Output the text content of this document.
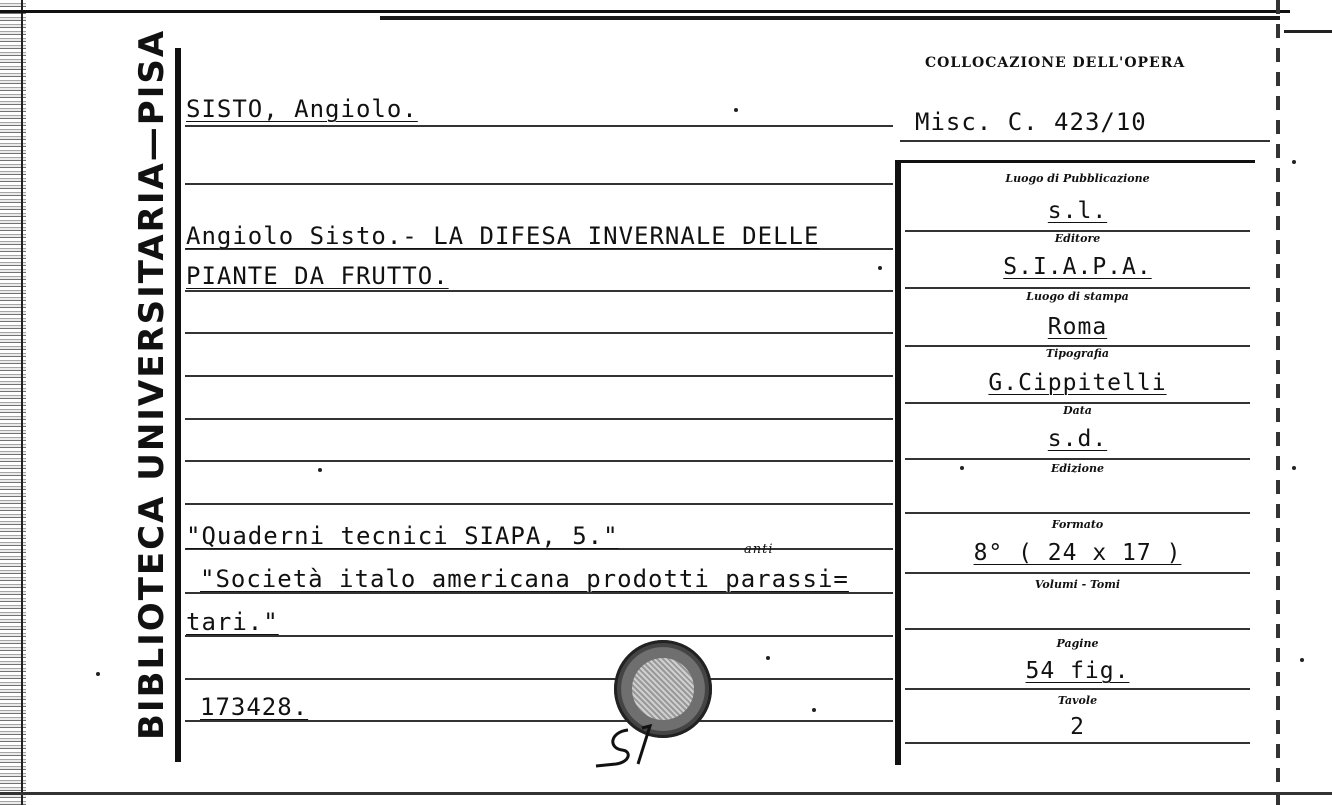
BIBLIOTECA UNIVERSITARIA
—
PISA	COLLOCAZIONE DELL'OPERA
Misc. C. 423/10
SISTO, Angiolo.
Angiolo Sisto.- LA DIFESA INVERNALE DELLE
PIANTE DA FRUTTO.
"Quaderni tecnici SIAPA, 5."	anti
"Società italo americana prodotti parassi=
tari."
173428.
Luogo di Pubblicazione
s.l.
Editore
S.I.A.P.A.
Luogo di stampa
Roma
Tipografia
G.Cippitelli
Data
s.d.
Edizione
Formato
8° ( 24 x 17 )
Volumi - Tomi
Pagine
54 fig.
Tavole
2
